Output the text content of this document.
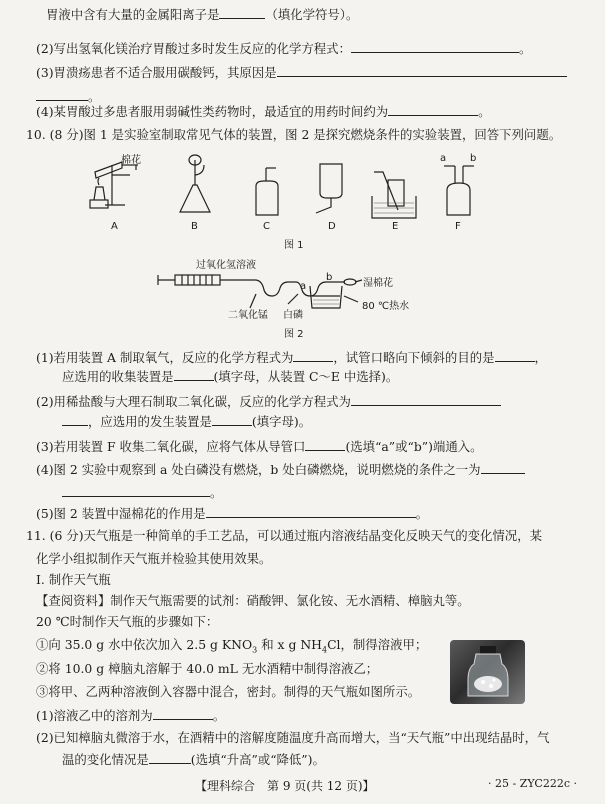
胃液中含有大量的金属阳离子是	（填化学符号）。
(2)写出氢氧化镁治疗胃酸过多时发生反应的化学方程式：	。
(3)胃溃疡患者不适合服用碳酸钙，其原因是
。
(4)某胃酸过多患者服用弱碱性类药物时，最适宜的用药时间约为	。
10. (8 分)图 1 是实验室制取常见气体的装置，图 2 是探究燃烧条件的实验装置，回答下列问题。
棉花	a b
A	B	C	D	E	F
图 1
过氧化氢溶液
二氧化锰 白磷
a
b
湿棉花
80 ℃热水
图 2
(1)若用装置 A 制取氧气，反应的化学方程式为	，试管口略向下倾斜的目的是	，
应选用的收集装置是	(填字母，从装置 C～E 中选择)。
(2)用稀盐酸与大理石制取二氧化碳，反应的化学方程式为
，应选用的发生装置是	(填字母)。
(3)若用装置 F 收集二氧化碳，应将气体从导管口	(选填“a”或“b”)端通入。
(4)图 2 实验中观察到 a 处白磷没有燃烧，b 处白磷燃烧，说明燃烧的条件之一为
。
(5)图 2 装置中湿棉花的作用是	。
11. (6 分)天气瓶是一种简单的手工艺品，可以通过瓶内溶液结晶变化反映天气的变化情况，某
化学小组拟制作天气瓶并检验其使用效果。
Ⅰ. 制作天气瓶
【查阅资料】制作天气瓶需要的试剂：硝酸钾、氯化铵、无水酒精、樟脑丸等。
20 ℃时制作天气瓶的步骤如下：
①向 35.0 g 水中依次加入 2.5 g $KNO_3$ 和 x g $NH_4Cl$，制得溶液甲；
②将 10.0 g 樟脑丸溶解于 40.0 mL 无水酒精中制得溶液乙；
③将甲、乙两种溶液倒入容器中混合，密封。制得的天气瓶如图所示。
(1)溶液乙中的溶剂为	。
(2)已知樟脑丸微溶于水，在酒精中的溶解度随温度升高而增大，当“天气瓶”中出现结晶时，气
温的变化情况是	(选填“升高”或“降低”)。
【理科综合　第 9 页(共 12 页)】	· 25 - ZYC222c ·
